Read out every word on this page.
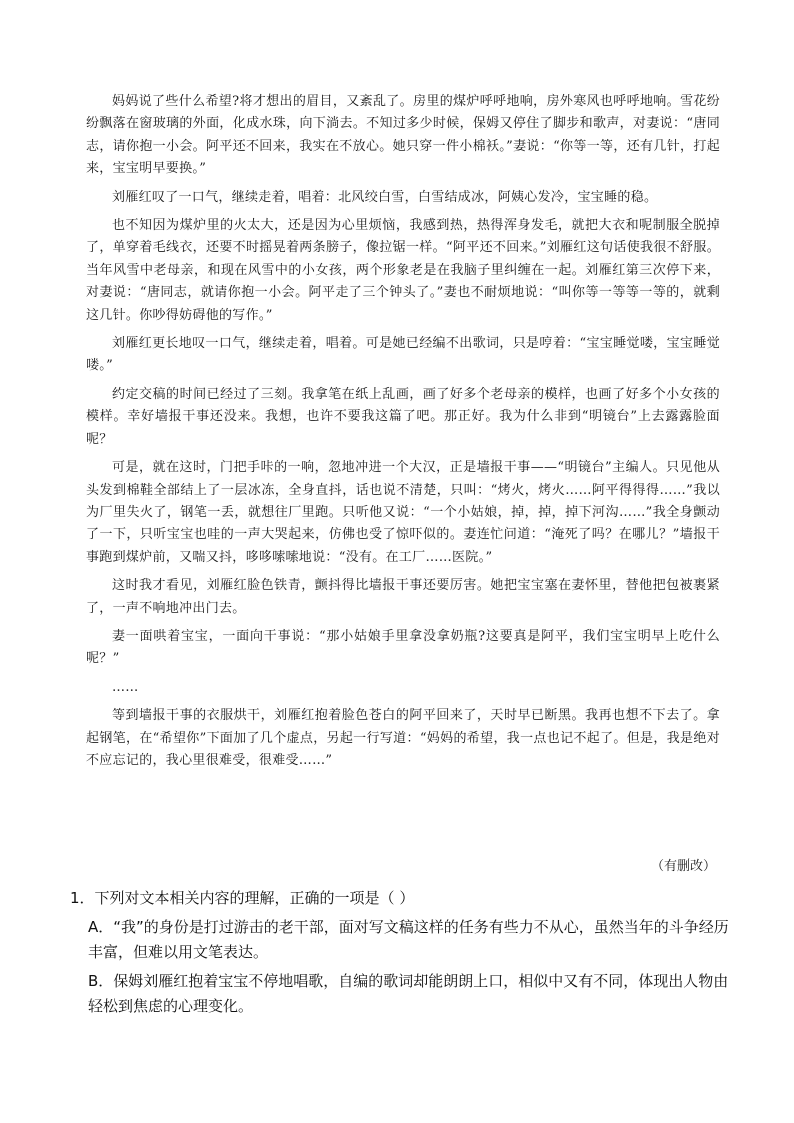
妈妈说了些什么希望?将才想出的眉目，又紊乱了。房里的煤炉呼呼地响，房外寒风也呼呼地响。雪花纷纷飘落在窗玻璃的外面，化成水珠，向下淌去。不知过多少时候，保姆又停住了脚步和歌声，对妻说：“唐同志，请你抱一小会。阿平还不回来，我实在不放心。她只穿一件小棉袄。”妻说：“你等一等，还有几针，打起来，宝宝明早要换。”

刘雁红叹了一口气，继续走着，唱着：北风绞白雪，白雪结成冰，阿姨心发冷，宝宝睡的稳。

也不知因为煤炉里的火太大，还是因为心里烦恼，我感到热，热得浑身发毛，就把大衣和呢制服全脱掉了，单穿着毛线衣，还要不时摇晃着两条膀子，像拉锯一样。“阿平还不回来。”刘雁红这句话使我很不舒服。当年风雪中老母亲，和现在风雪中的小女孩，两个形象老是在我脑子里纠缠在一起。刘雁红第三次停下来，对妻说：“唐同志，就请你抱一小会。阿平走了三个钟头了。”妻也不耐烦地说：“叫你等一等等一等的，就剩这几针。你吵得妨碍他的写作。”

刘雁红更长地叹一口气，继续走着，唱着。可是她已经编不出歌词，只是哼着：“宝宝睡觉喽，宝宝睡觉喽。”

约定交稿的时间已经过了三刻。我拿笔在纸上乱画，画了好多个老母亲的模样，也画了好多个小女孩的模样。幸好墙报干事还没来。我想，也许不要我这篇了吧。那正好。我为什么非到“明镜台”上去露露脸面呢？

可是，就在这时，门把手咔的一响，忽地冲进一个大汉，正是墙报干事——“明镜台”主编人。只见他从头发到棉鞋全部结上了一层冰冻，全身直抖，话也说不清楚，只叫：“烤火，烤火……阿平得得得……”我以为厂里失火了，钢笔一丢，就想往厂里跑。只听他又说：“一个小姑娘，掉，掉，掉下河沟……”我全身颤动了一下，只听宝宝也哇的一声大哭起来，仿佛也受了惊吓似的。妻连忙问道：“淹死了吗？在哪儿？”墙报干事跑到煤炉前，又喘又抖，哆哆嗦嗦地说：“没有。在工厂……医院。”

这时我才看见，刘雁红脸色铁青，颤抖得比墙报干事还要厉害。她把宝宝塞在妻怀里，替他把包被裹紧了，一声不响地冲出门去。

妻一面哄着宝宝，一面向干事说：“那小姑娘手里拿没拿奶瓶?这要真是阿平，我们宝宝明早上吃什么呢？”

……

等到墙报干事的衣服烘干，刘雁红抱着脸色苍白的阿平回来了，天时早已断黑。我再也想不下去了。拿起钢笔，在“希望你”下面加了几个虚点，另起一行写道：“妈妈的希望，我一点也记不起了。但是，我是绝对不应忘记的，我心里很难受，很难受……”

（有删改）
1．下列对文本相关内容的理解，正确的一项是（ ）
A．“我”的身份是打过游击的老干部，面对写文稿这样的任务有些力不从心，虽然当年的斗争经历丰富，但难以用文笔表达。
B．保姆刘雁红抱着宝宝不停地唱歌，自编的歌词却能朗朗上口，相似中又有不同，体现出人物由轻松到焦虑的心理变化。
